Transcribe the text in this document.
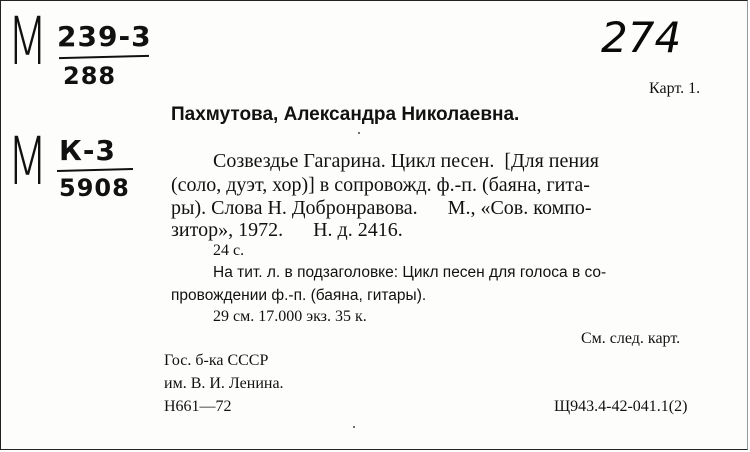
М 239-3
288
М К-3
5908
274
Карт. 1.
Пахмутова, Александра Николаевна.
Созвездье Гагарина. Цикл песен.  [Для пения
(соло, дуэт, хор)] в сопровожд. ф.-п. (баяна, гита-
ры). Слова Н. Добронравова.      М., «Сов. компо-
зитор», 1972.      Н. д. 2416.
24 с.
На тит. л. в подзаголовке: Цикл песен для голоса в со-
провождении ф.-п. (баяна, гитары).
29 см. 17.000 экз. 35 к.
См. след. карт.
Гос. б-ка СССР
им. В. И. Ленина.
Н661—72	Щ943.4-42-041.1(2)
